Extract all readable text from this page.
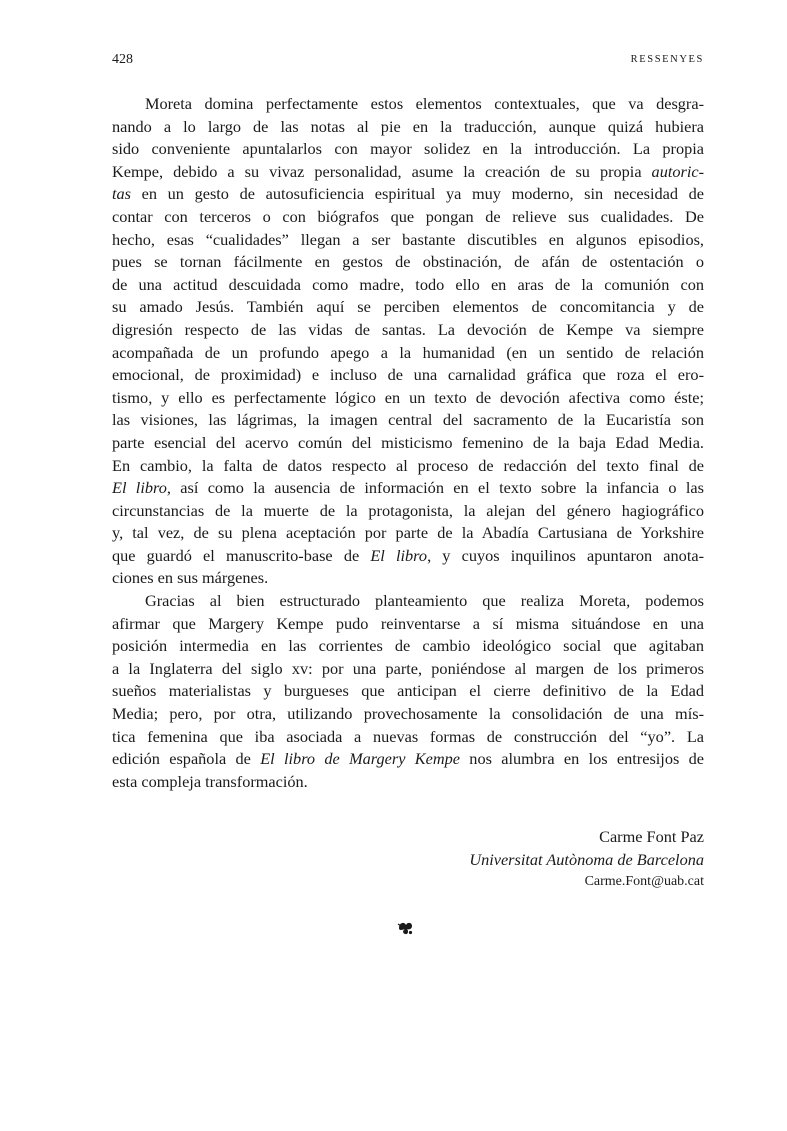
428	RESSENYES

Moreta domina perfectamente estos elementos contextuales, que va desgra-
nando a lo largo de las notas al pie en la traducción, aunque quizá hubiera
sido conveniente apuntalarlos con mayor solidez en la introducción. La propia
Kempe, debido a su vivaz personalidad, asume la creación de su propia autoric-
tas en un gesto de autosuficiencia espiritual ya muy moderno, sin necesidad de
contar con terceros o con biógrafos que pongan de relieve sus cualidades. De
hecho, esas “cualidades” llegan a ser bastante discutibles en algunos episodios,
pues se tornan fácilmente en gestos de obstinación, de afán de ostentación o
de una actitud descuidada como madre, todo ello en aras de la comunión con
su amado Jesús. También aquí se perciben elementos de concomitancia y de
digresión respecto de las vidas de santas. La devoción de Kempe va siempre
acompañada de un profundo apego a la humanidad (en un sentido de relación
emocional, de proximidad) e incluso de una carnalidad gráfica que roza el ero-
tismo, y ello es perfectamente lógico en un texto de devoción afectiva como éste;
las visiones, las lágrimas, la imagen central del sacramento de la Eucaristía son
parte esencial del acervo común del misticismo femenino de la baja Edad Media.
En cambio, la falta de datos respecto al proceso de redacción del texto final de
El libro, así como la ausencia de información en el texto sobre la infancia o las
circunstancias de la muerte de la protagonista, la alejan del género hagiográfico
y, tal vez, de su plena aceptación por parte de la Abadía Cartusiana de Yorkshire
que guardó el manuscrito-base de El libro, y cuyos inquilinos apuntaron anota-
ciones en sus márgenes.

Gracias al bien estructurado planteamiento que realiza Moreta, podemos
afirmar que Margery Kempe pudo reinventarse a sí misma situándose en una
posición intermedia en las corrientes de cambio ideológico social que agitaban
a la Inglaterra del siglo xv: por una parte, poniéndose al margen de los primeros
sueños materialistas y burgueses que anticipan el cierre definitivo de la Edad
Media; pero, por otra, utilizando provechosamente la consolidación de una mís-
tica femenina que iba asociada a nuevas formas de construcción del “yo”. La
edición española de El libro de Margery Kempe nos alumbra en los entresijos de
esta compleja transformación.

Carme Font Paz
Universitat Autònoma de Barcelona
Carme.Font@uab.cat
